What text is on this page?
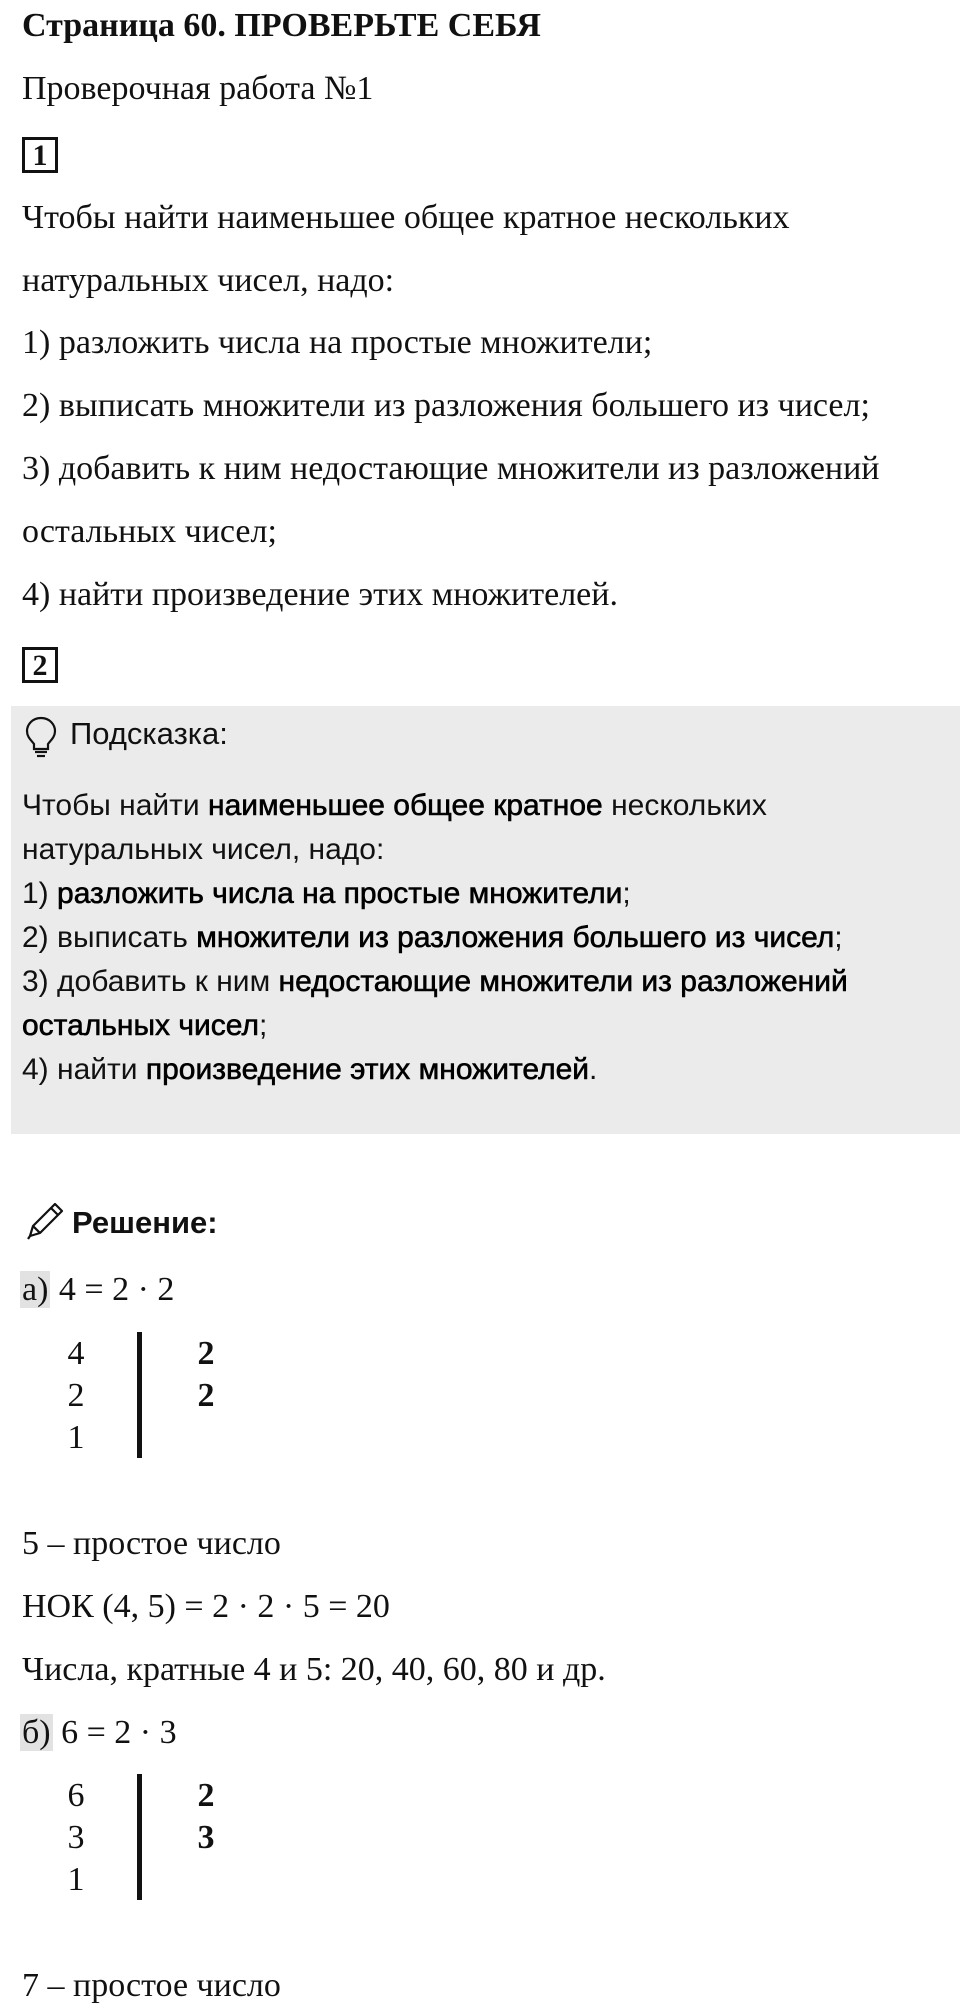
Страница 60. ПРОВЕРЬТЕ СЕБЯ
Проверочная работа №1
1
Чтобы найти наименьшее общее кратное нескольких
натуральных чисел, надо:
1) разложить числа на простые множители;
2) выписать множители из разложения большего из чисел;
3) добавить к ним недостающие множители из разложений
остальных чисел;
4) найти произведение этих множителей.
2
Подсказка:
Чтобы найти наименьшее общее кратное нескольких
натуральных чисел, надо:
1) разложить числа на простые множители;
2) выписать множители из разложения большего из чисел;
3) добавить к ним недостающие множители из разложений
остальных чисел;
4) найти произведение этих множителей.
Решение:
а) 4 = 2 · 2
4
2
1
2
2
5 – простое число
НОК (4, 5) = 2 · 2 · 5 = 20
Числа, кратные 4 и 5: 20, 40, 60, 80 и др.
б) 6 = 2 · 3
6
3
1
2
3
7 – простое число
